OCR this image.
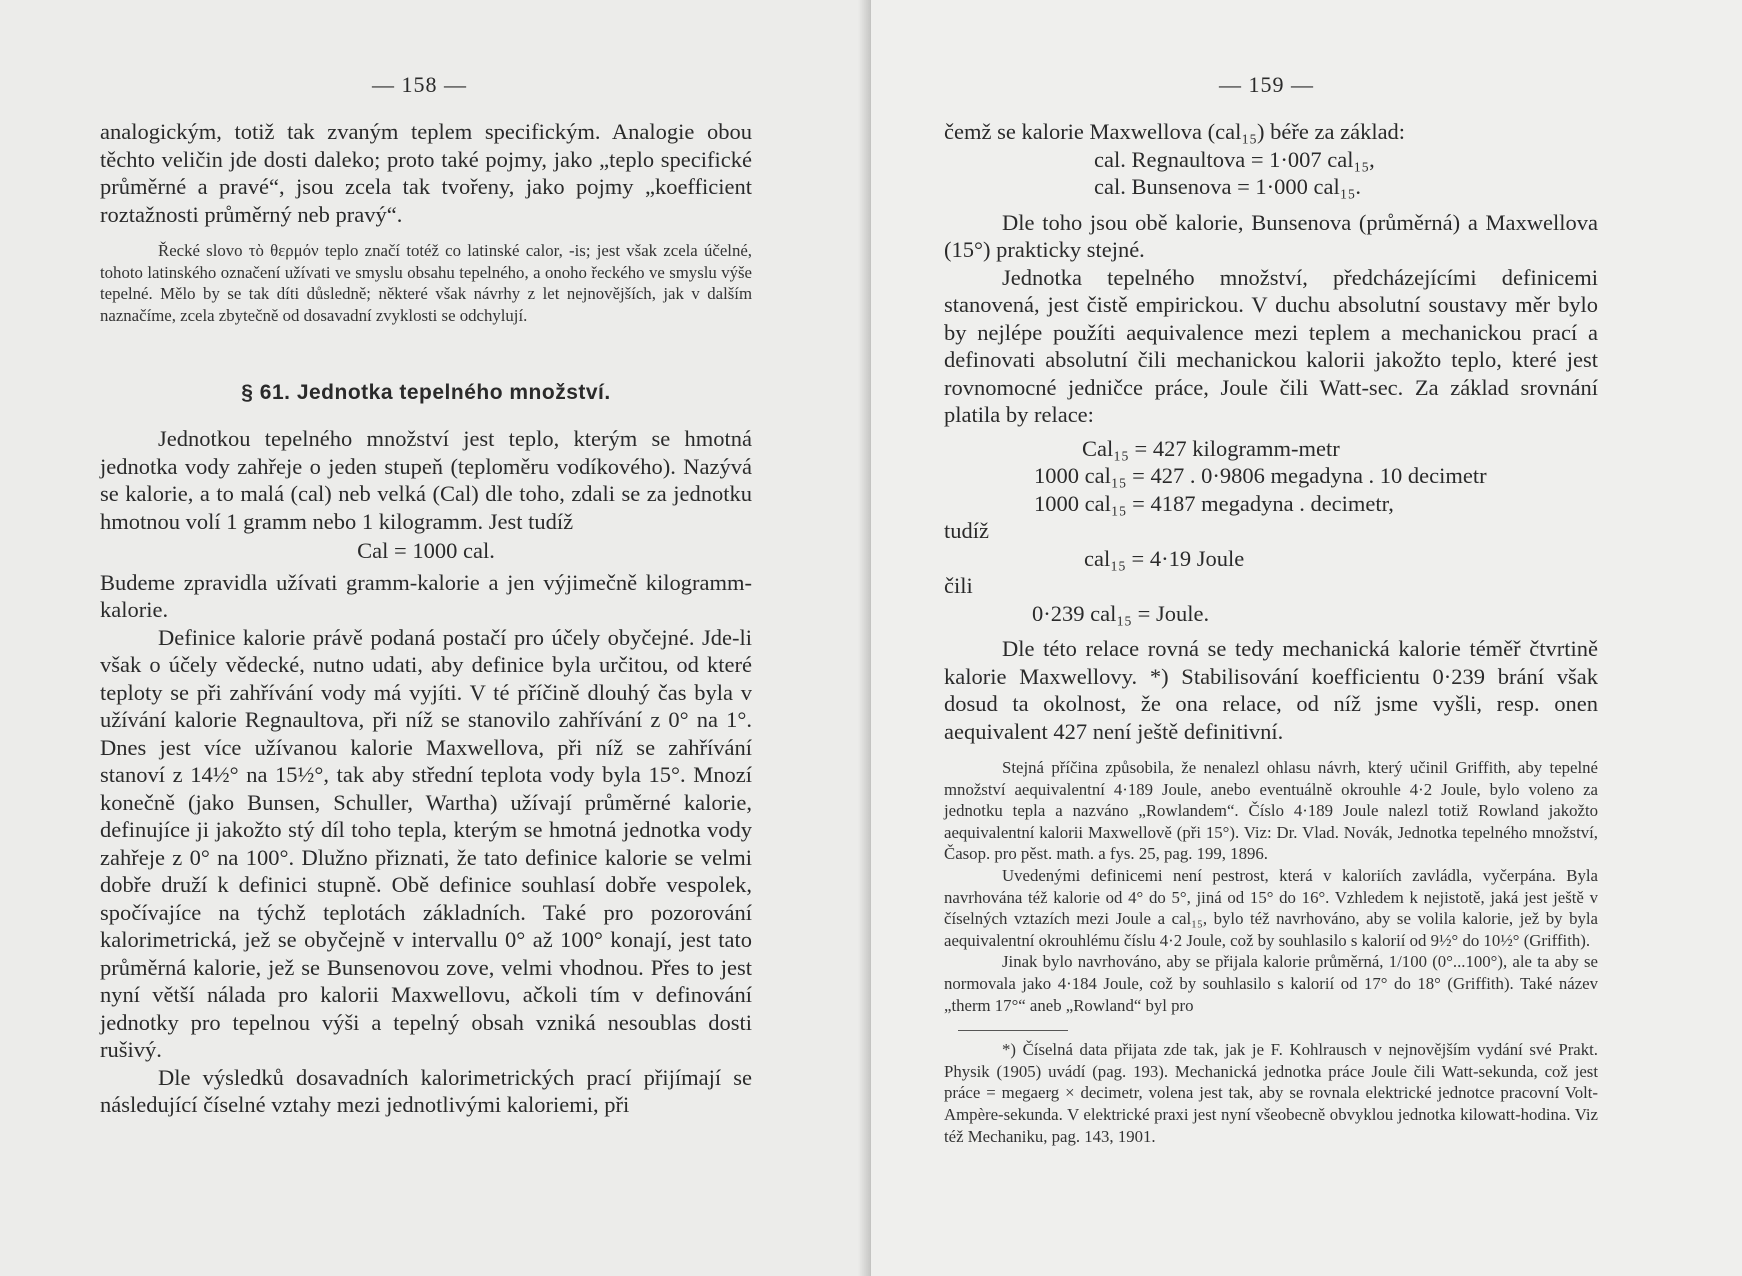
— 158 —

analogickým, totiž tak zvaným teplem specifickým. Analogie obou těchto veličin jde dosti daleko; proto také pojmy, jako „teplo specifické průměrné a pravé“, jsou zcela tak tvořeny, jako pojmy „koefficient roztažnosti průměrný neb pravý“.

Řecké slovo τὸ θερμόν teplo značí totéž co latinské calor, -is; jest však zcela účelné, tohoto latinského označení užívati ve smyslu obsahu tepelného, a onoho řeckého ve smyslu výše tepelné. Mělo by se tak díti důsledně; některé však návrhy z let nejnovějších, jak v dalším naznačíme, zcela zbytečně od dosavadní zvyklosti se odchylují.

§ 61. Jednotka tepelného množství.

Jednotkou tepelného množství jest teplo, kterým se hmotná jednotka vody zahřeje o jeden stupeň (teploměru vodíkového). Nazývá se kalorie, a to malá (cal) neb velká (Cal) dle toho, zdali se za jednotku hmotnou volí 1 gramm nebo 1 kilogramm. Jest tudíž

Cal = 1000 cal.

Budeme zpravidla užívati gramm-kalorie a jen výjimečně kilogramm-kalorie.

Definice kalorie právě podaná postačí pro účely obyčejné. Jde-li však o účely vědecké, nutno udati, aby definice byla určitou, od které teploty se při zahřívání vody má vyjíti. V té příčině dlouhý čas byla v užívání kalorie Regnaultova, při níž se stanovilo zahřívání z 0° na 1°. Dnes jest více užívanou kalorie Maxwellova, při níž se zahřívání stanoví z 14½° na 15½°, tak aby střední teplota vody byla 15°. Mnozí konečně (jako Bunsen, Schuller, Wartha) užívají průměrné kalorie, definujíce ji jakožto stý díl toho tepla, kterým se hmotná jednotka vody zahřeje z 0° na 100°. Dlužno přiznati, že tato definice kalorie se velmi dobře druží k definici stupně. Obě definice souhlasí dobře vespolek, spočívajíce na týchž teplotách základních. Také pro pozorování kalorimetrická, jež se obyčejně v intervallu 0° až 100° konají, jest tato průměrná kalorie, jež se Bunsenovou zove, velmi vhodnou. Přes to jest nyní větší nálada pro kalorii Maxwellovu, ačkoli tím v definování jednotky pro tepelnou výši a tepelný obsah vzniká nesoublas dosti rušivý.

Dle výsledků dosavadních kalorimetrických prací přijímají se následující číselné vztahy mezi jednotlivými kaloriemi, při

— 159 —

čemž se kalorie Maxwellova (cal₁₅) béře za základ:

cal. Regnaultova = 1·007 cal₁₅,
cal. Bunsenova = 1·000 cal₁₅.

Dle toho jsou obě kalorie, Bunsenova (průměrná) a Maxwellova (15°) prakticky stejné.

Jednotka tepelného množství, předcházejícími definicemi stanovená, jest čistě empirickou. V duchu absolutní soustavy měr bylo by nejlépe použíti aequivalence mezi teplem a mechanickou prací a definovati absolutní čili mechanickou kalorii jakožto teplo, které jest rovnomocné jedničce práce, Joule čili Watt-sec. Za základ srovnání platila by relace:

Cal₁₅ = 427 kilogramm-metr
1000 cal₁₅ = 427 . 0·9806 megadyna . 10 decimetr
1000 cal₁₅ = 4187 megadyna . decimetr,
tudíž
cal₁₅ = 4·19 Joule
čili
0·239 cal₁₅ = Joule.

Dle této relace rovná se tedy mechanická kalorie téměř čtvrtině kalorie Maxwellovy. *) Stabilisování koefficientu 0·239 brání však dosud ta okolnost, že ona relace, od níž jsme vyšli, resp. onen aequivalent 427 není ještě definitivní.

Stejná příčina způsobila, že nenalezl ohlasu návrh, který učinil Griffith, aby tepelné množství aequivalentní 4·189 Joule, anebo eventuálně okrouhle 4·2 Joule, bylo voleno za jednotku tepla a nazváno „Rowlandem“. Číslo 4·189 Joule nalezl totiž Rowland jakožto aequivalentní kalorii Maxwellově (při 15°). Viz: Dr. Vlad. Novák, Jednotka tepelného množství, Časop. pro pěst. math. a fys. 25, pag. 199, 1896.

Uvedenými definicemi není pestrost, která v kaloriích zavládla, vyčerpána. Byla navrhována též kalorie od 4° do 5°, jiná od 15° do 16°. Vzhledem k nejistotě, jaká jest ještě v číselných vztazích mezi Joule a cal₁₅, bylo též navrhováno, aby se volila kalorie, jež by byla aequivalentní okrouhlému číslu 4·2 Joule, což by souhlasilo s kalorií od 9½° do 10½° (Griffith).

Jinak bylo navrhováno, aby se přijala kalorie průměrná, 1/100 (0°...100°), ale ta aby se normovala jako 4·184 Joule, což by souhlasilo s kalorií od 17° do 18° (Griffith). Také název „therm 17°“ aneb „Rowland“ byl pro

*) Číselná data přijata zde tak, jak je F. Kohlrausch v nejnovějším vydání své Prakt. Physik (1905) uvádí (pag. 193). Mechanická jednotka práce Joule čili Watt-sekunda, což jest práce = megaerg × decimetr, volena jest tak, aby se rovnala elektrické jednotce pracovní Volt-Ampère-sekunda. V elektrické praxi jest nyní všeobecně obvyklou jednotka kilowatt-hodina. Viz též Mechaniku, pag. 143, 1901.
